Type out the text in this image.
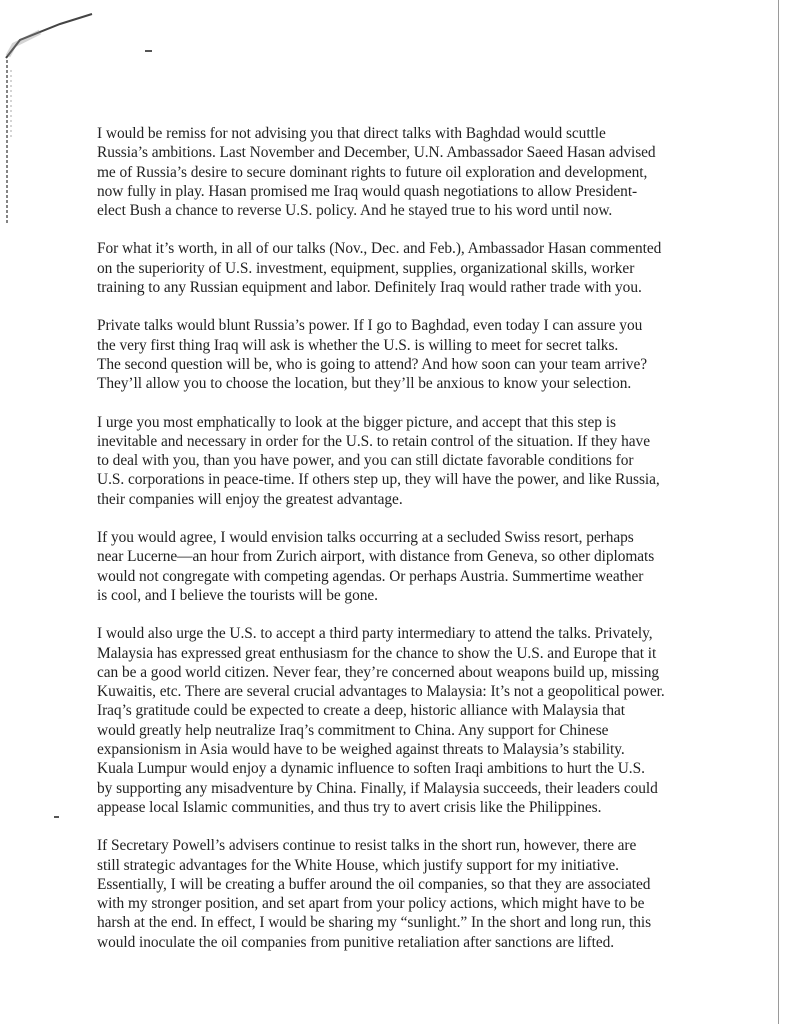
I would be remiss for not advising you that direct talks with Baghdad would scuttle
Russia’s ambitions. Last November and December, U.N. Ambassador Saeed Hasan advised
me of Russia’s desire to secure dominant rights to future oil exploration and development,
now fully in play. Hasan promised me Iraq would quash negotiations to allow President-
elect Bush a chance to reverse U.S. policy. And he stayed true to his word until now.

For what it’s worth, in all of our talks (Nov., Dec. and Feb.), Ambassador Hasan commented
on the superiority of U.S. investment, equipment, supplies, organizational skills, worker
training to any Russian equipment and labor. Definitely Iraq would rather trade with you.

Private talks would blunt Russia’s power. If I go to Baghdad, even today I can assure you
the very first thing Iraq will ask is whether the U.S. is willing to meet for secret talks.
The second question will be, who is going to attend? And how soon can your team arrive?
They’ll allow you to choose the location, but they’ll be anxious to know your selection.

I urge you most emphatically to look at the bigger picture, and accept that this step is
inevitable and necessary in order for the U.S. to retain control of the situation. If they have
to deal with you, than you have power, and you can still dictate favorable conditions for
U.S. corporations in peace-time. If others step up, they will have the power, and like Russia,
their companies will enjoy the greatest advantage.

If you would agree, I would envision talks occurring at a secluded Swiss resort, perhaps
near Lucerne—an hour from Zurich airport, with distance from Geneva, so other diplomats
would not congregate with competing agendas. Or perhaps Austria. Summertime weather
is cool, and I believe the tourists will be gone.

I would also urge the U.S. to accept a third party intermediary to attend the talks. Privately,
Malaysia has expressed great enthusiasm for the chance to show the U.S. and Europe that it
can be a good world citizen. Never fear, they’re concerned about weapons build up, missing
Kuwaitis, etc. There are several crucial advantages to Malaysia: It’s not a geopolitical power.
Iraq’s gratitude could be expected to create a deep, historic alliance with Malaysia that
would greatly help neutralize Iraq’s commitment to China. Any support for Chinese
expansionism in Asia would have to be weighed against threats to Malaysia’s stability.
Kuala Lumpur would enjoy a dynamic influence to soften Iraqi ambitions to hurt the U.S.
by supporting any misadventure by China. Finally, if Malaysia succeeds, their leaders could
appease local Islamic communities, and thus try to avert crisis like the Philippines.

If Secretary Powell’s advisers continue to resist talks in the short run, however, there are
still strategic advantages for the White House, which justify support for my initiative.
Essentially, I will be creating a buffer around the oil companies, so that they are associated
with my stronger position, and set apart from your policy actions, which might have to be
harsh at the end. In effect, I would be sharing my “sunlight.” In the short and long run, this
would inoculate the oil companies from punitive retaliation after sanctions are lifted.
